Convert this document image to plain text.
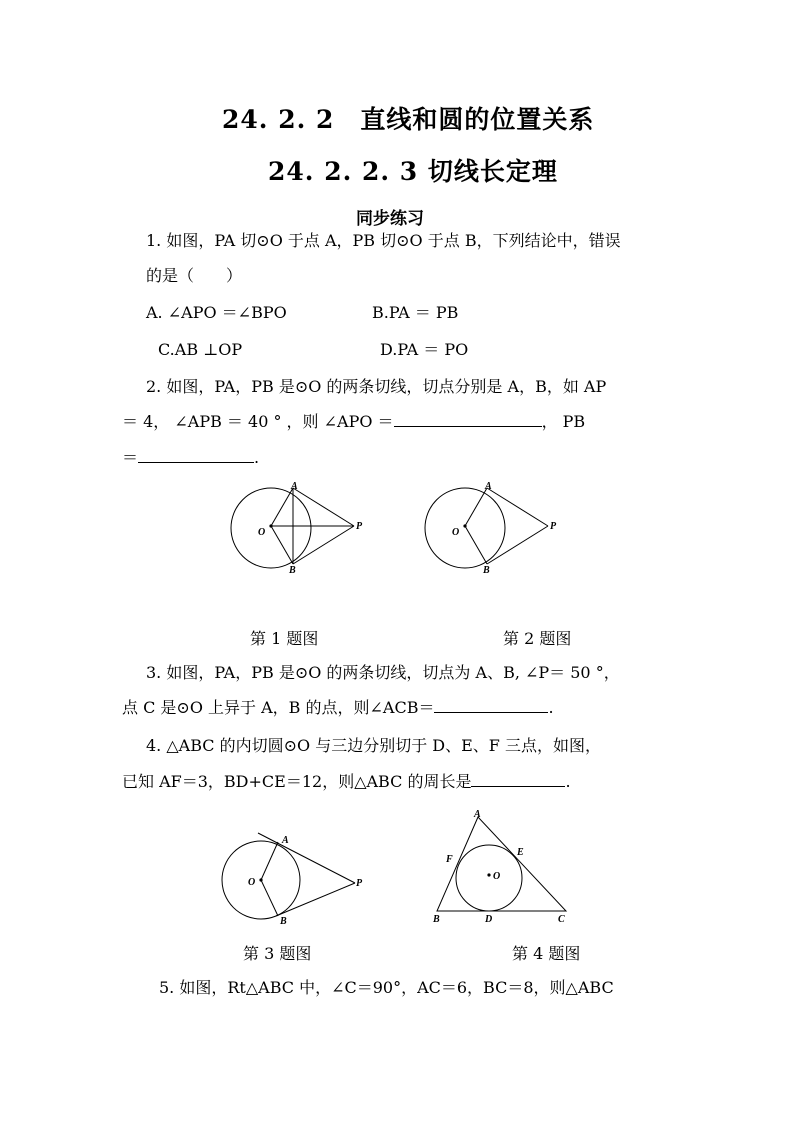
24. 2. 2　直线和圆的位置关系
24. 2. 2. 3 切线长定理
同步练习
1. 如图，PA 切⊙O 于点 A，PB 切⊙O 于点 B，下列结论中，错误
的是（　　）
A. ∠APO ＝∠BPO	B.PA ＝ PB
C.AB ⊥OP	D.PA ＝ PO
2. 如图，PA，PB 是⊙O 的两条切线，切点分别是 A，B，如 AP
＝ 4， ∠APB ＝ 40 ° ，则 ∠APO ＝	， PB
＝	.
A
B
O
P
A
B
O
P
第 1 题图	第 2 题图
3. 如图，PA，PB 是⊙O 的两条切线，切点为 A、B, ∠P＝ 50 °，
点 C 是⊙O 上异于 A，B 的点，则∠ACB＝	.
4. △ABC 的内切圆⊙O 与三边分别切于 D、E、F 三点，如图，
已知 AF＝3，BD+CE＝12，则△ABC 的周长是	.
A
B
O	P
A
B	C
D
E
F
O
第 3 题图	第 4 题图
5. 如图，Rt△ABC 中，∠C＝90°，AC＝6，BC＝8，则△ABC
